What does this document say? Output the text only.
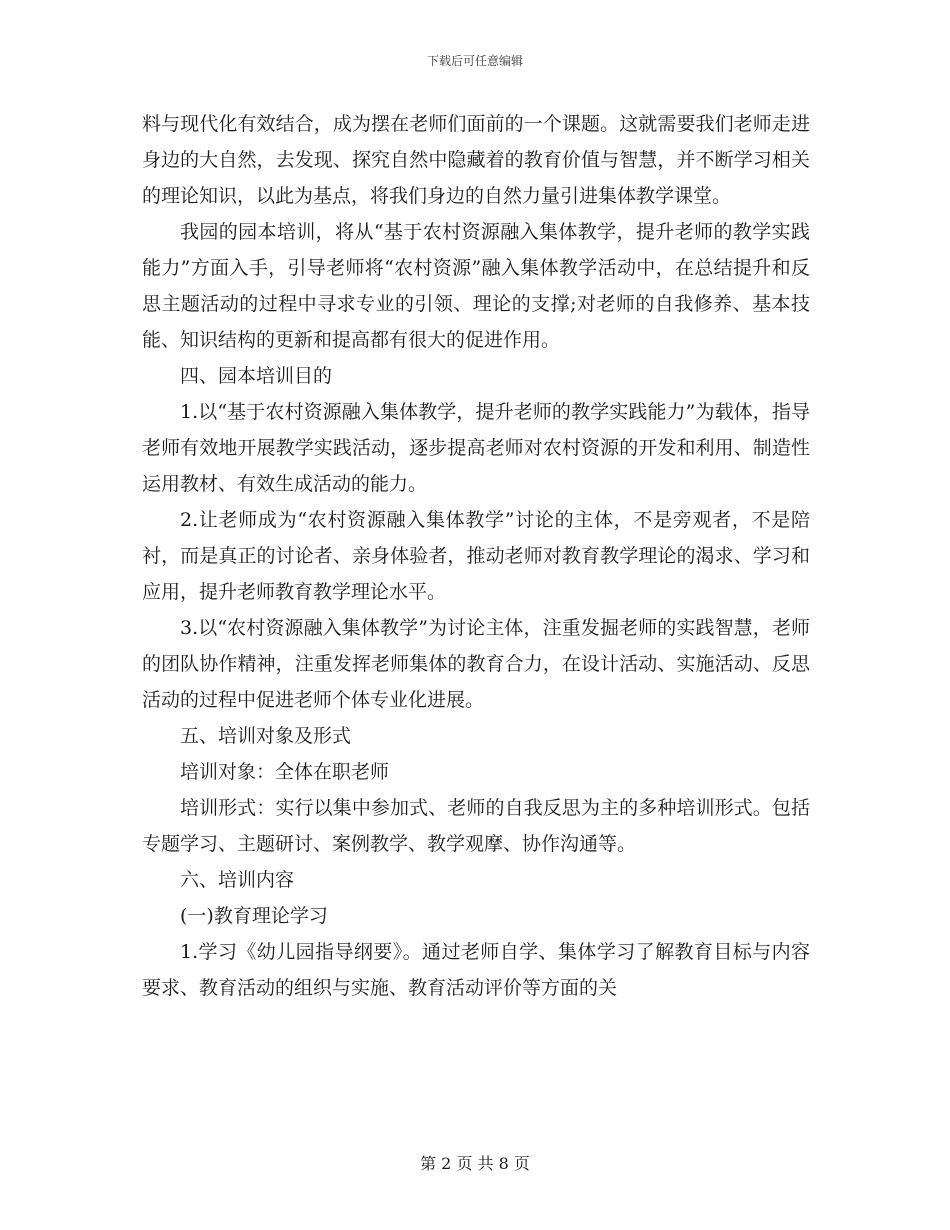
下载后可任意编辑

料与现代化有效结合，成为摆在老师们面前的一个课题。这就需要我们老师走进身边的大自然，去发现、探究自然中隐藏着的教育价值与智慧，并不断学习相关的理论知识，以此为基点，将我们身边的自然力量引进集体教学课堂。

我园的园本培训，将从“基于农村资源融入集体教学，提升老师的教学实践能力”方面入手，引导老师将“农村资源”融入集体教学活动中，在总结提升和反思主题活动的过程中寻求专业的引领、理论的支撑;对老师的自我修养、基本技能、知识结构的更新和提高都有很大的促进作用。

四、园本培训目的

1.以“基于农村资源融入集体教学，提升老师的教学实践能力”为载体，指导老师有效地开展教学实践活动，逐步提高老师对农村资源的开发和利用、制造性运用教材、有效生成活动的能力。

2.让老师成为“农村资源融入集体教学”讨论的主体，不是旁观者，不是陪衬，而是真正的讨论者、亲身体验者，推动老师对教育教学理论的渴求、学习和应用，提升老师教育教学理论水平。

3.以“农村资源融入集体教学”为讨论主体，注重发掘老师的实践智慧，老师的团队协作精神，注重发挥老师集体的教育合力，在设计活动、实施活动、反思活动的过程中促进老师个体专业化进展。

五、培训对象及形式

培训对象：全体在职老师

培训形式：实行以集中参加式、老师的自我反思为主的多种培训形式。包括专题学习、主题研讨、案例教学、教学观摩、协作沟通等。

六、培训内容

(一)教育理论学习

1.学习《幼儿园指导纲要》。通过老师自学、集体学习了解教育目标与内容要求、教育活动的组织与实施、教育活动评价等方面的关

第 2 页 共 8 页
